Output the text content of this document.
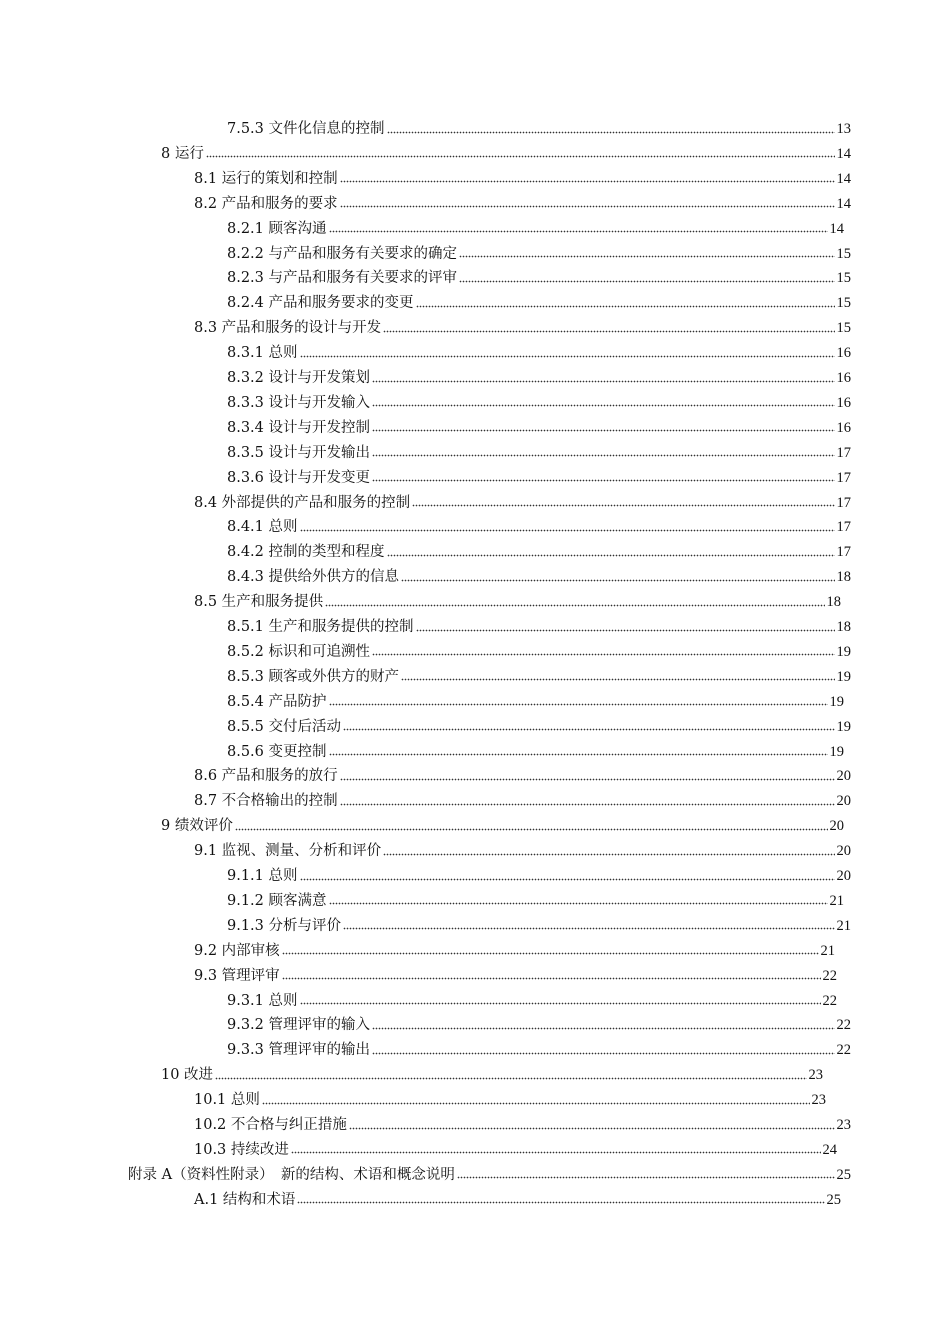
7.5.3 文件化信息的控制	13
8 运行	14
8.1 运行的策划和控制	14
8.2 产品和服务的要求	14
8.2.1 顾客沟通	14
8.2.2 与产品和服务有关要求的确定	15
8.2.3 与产品和服务有关要求的评审	15
8.2.4 产品和服务要求的变更	15
8.3 产品和服务的设计与开发	15
8.3.1 总则	16
8.3.2 设计与开发策划	16
8.3.3 设计与开发输入	16
8.3.4 设计与开发控制	16
8.3.5 设计与开发输出	17
8.3.6 设计与开发变更	17
8.4 外部提供的产品和服务的控制	17
8.4.1 总则	17
8.4.2 控制的类型和程度	17
8.4.3 提供给外供方的信息	18
8.5 生产和服务提供	18
8.5.1 生产和服务提供的控制	18
8.5.2 标识和可追溯性	19
8.5.3 顾客或外供方的财产	19
8.5.4 产品防护	19
8.5.5 交付后活动	19
8.5.6 变更控制	19
8.6 产品和服务的放行	20
8.7 不合格输出的控制	20
9 绩效评价	20
9.1 监视、测量、分析和评价	20
9.1.1 总则	20
9.1.2 顾客满意	21
9.1.3 分析与评价	21
9.2 内部审核	21
9.3 管理评审	22
9.3.1 总则	22
9.3.2 管理评审的输入	22
9.3.3 管理评审的输出	22
10 改进	23
10.1 总则	23
10.2 不合格与纠正措施	23
10.3 持续改进	24
附录 A（资料性附录）　新的结构、术语和概念说明	25
A.1 结构和术语	25
